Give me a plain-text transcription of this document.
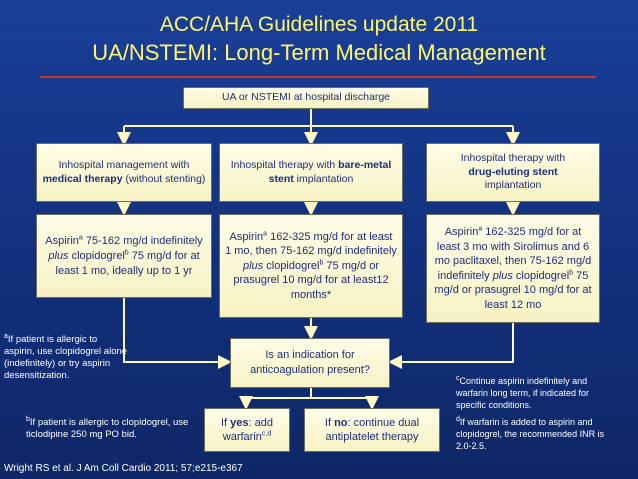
ACC/AHA Guidelines update 2011
UA/NSTEMI: Long-Term Medical Management
UA or NSTEMI at hospital discharge
Inhospital management with medical therapy (without stenting)
Inhospital therapy with bare-metal stent implantation
Inhospital therapy with
drug-eluting stent
implantation
Aspirin$^a$ 75-162 mg/d indefinitely plus clopidogrel$^b$ 75 mg/d for at least 1 mo, ideally up to 1 yr
Aspirin$^a$ 162-325 mg/d for at least 1 mo, then 75-162 mg/d indefinitely plus clopidogrel$^b$ 75 mg/d or prasugrel 10 mg/d for at least12 months*
Aspirin$^a$ 162-325 mg/d for at least 3 mo with Sirolimus and 6 mo paclitaxel, then 75-162 mg/d indefinitely plus clopidogrel$^b$ 75 mg/d or prasugrel 10 mg/d for at least 12 mo
Is an indication for anticoagulation present?
If yes: add warfarin$^{c,d}$
If no: continue dual antiplatelet therapy
$^a$If patient is allergic to aspirin, use clopidogrel alone (indefinitely) or try aspirin desensitization.
$^b$If patient is allergic to clopidogrel, use ticlodipine 250 mg PO bid.
$^c$Continue aspirin indefinitely and warfarin long term, if indicated for specific conditions.
$^d$If warfarin is added to aspirin and clopidogrel, the recommended INR is 2.0-2.5.
Wright RS et al. J Am Coll Cardio 2011; 57;e215-e367
